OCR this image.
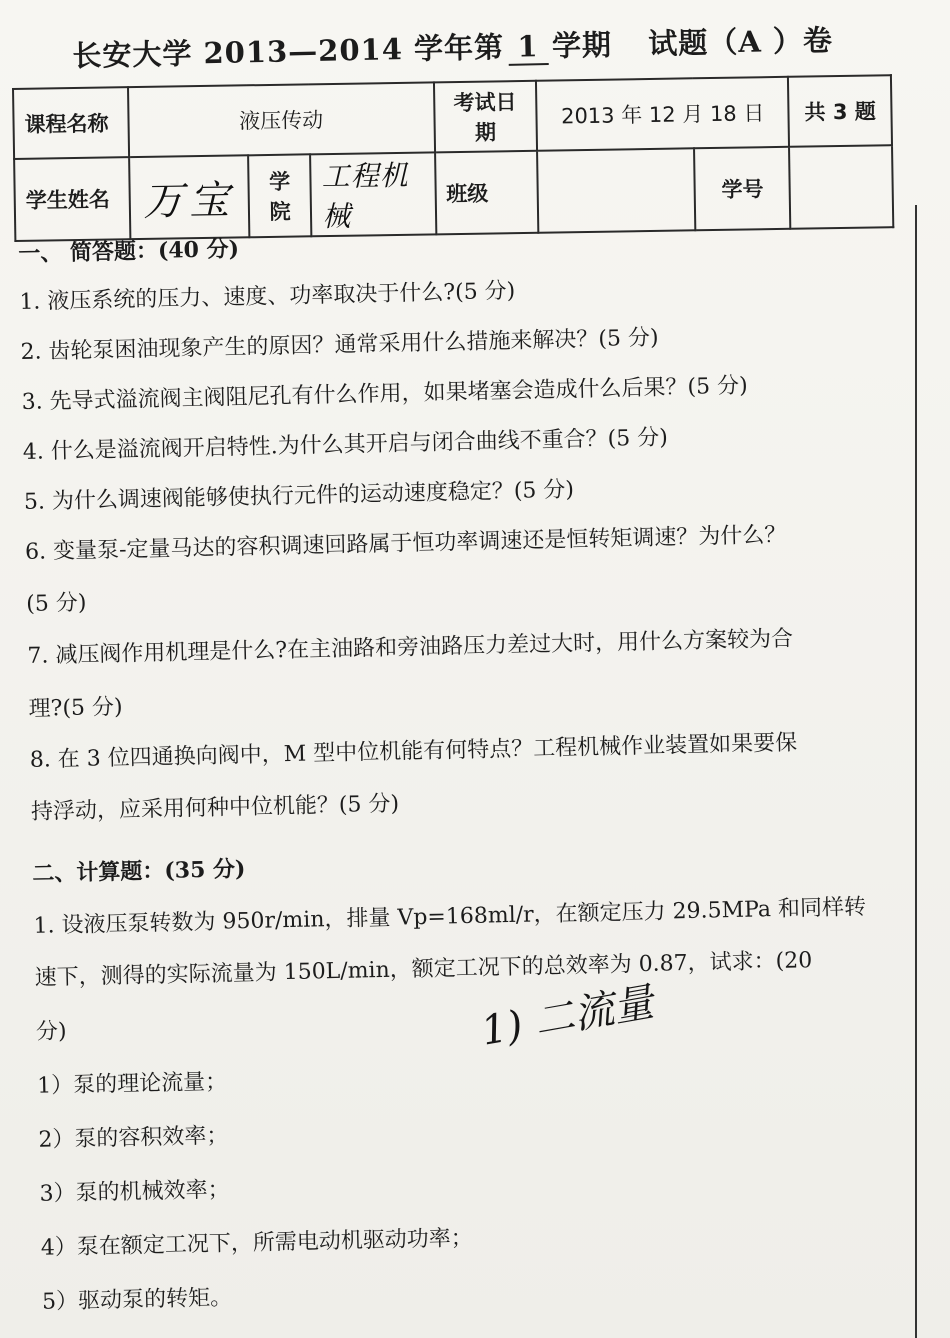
长安大学 2013—2014 学年第 1 学期 试题（A ）卷
课程名称	液压传动			考试日期	2013 年 12 月 18 日		共 3 题
学生姓名	万宝	学院	工程机械	班级		学号	
一、 简答题：(40 分)
1. 液压系统的压力、速度、功率取决于什么?(5 分)
2. 齿轮泵困油现象产生的原因？通常采用什么措施来解决？(5 分)
3. 先导式溢流阀主阀阻尼孔有什么作用，如果堵塞会造成什么后果？(5 分)
4. 什么是溢流阀开启特性.为什么其开启与闭合曲线不重合？(5 分)
5. 为什么调速阀能够使执行元件的运动速度稳定？(5 分)
6. 变量泵-定量马达的容积调速回路属于恒功率调速还是恒转矩调速？为什么？
(5 分)
7. 减压阀作用机理是什么?在主油路和旁油路压力差过大时，用什么方案较为合
理?(5 分)
8. 在 3 位四通换向阀中，M 型中位机能有何特点？工程机械作业装置如果要保
持浮动，应采用何种中位机能？(5 分)
二、计算题：(35 分)
1. 设液压泵转数为 950r/min，排量 Vp=168ml/r，在额定压力 29.5MPa 和同样转
速下，测得的实际流量为 150L/min，额定工况下的总效率为 0.87，试求：(20
分)
1）泵的理论流量；
2）泵的容积效率；
3）泵的机械效率；
4）泵在额定工况下，所需电动机驱动功率；
5）驱动泵的转矩。
1) 二流量
